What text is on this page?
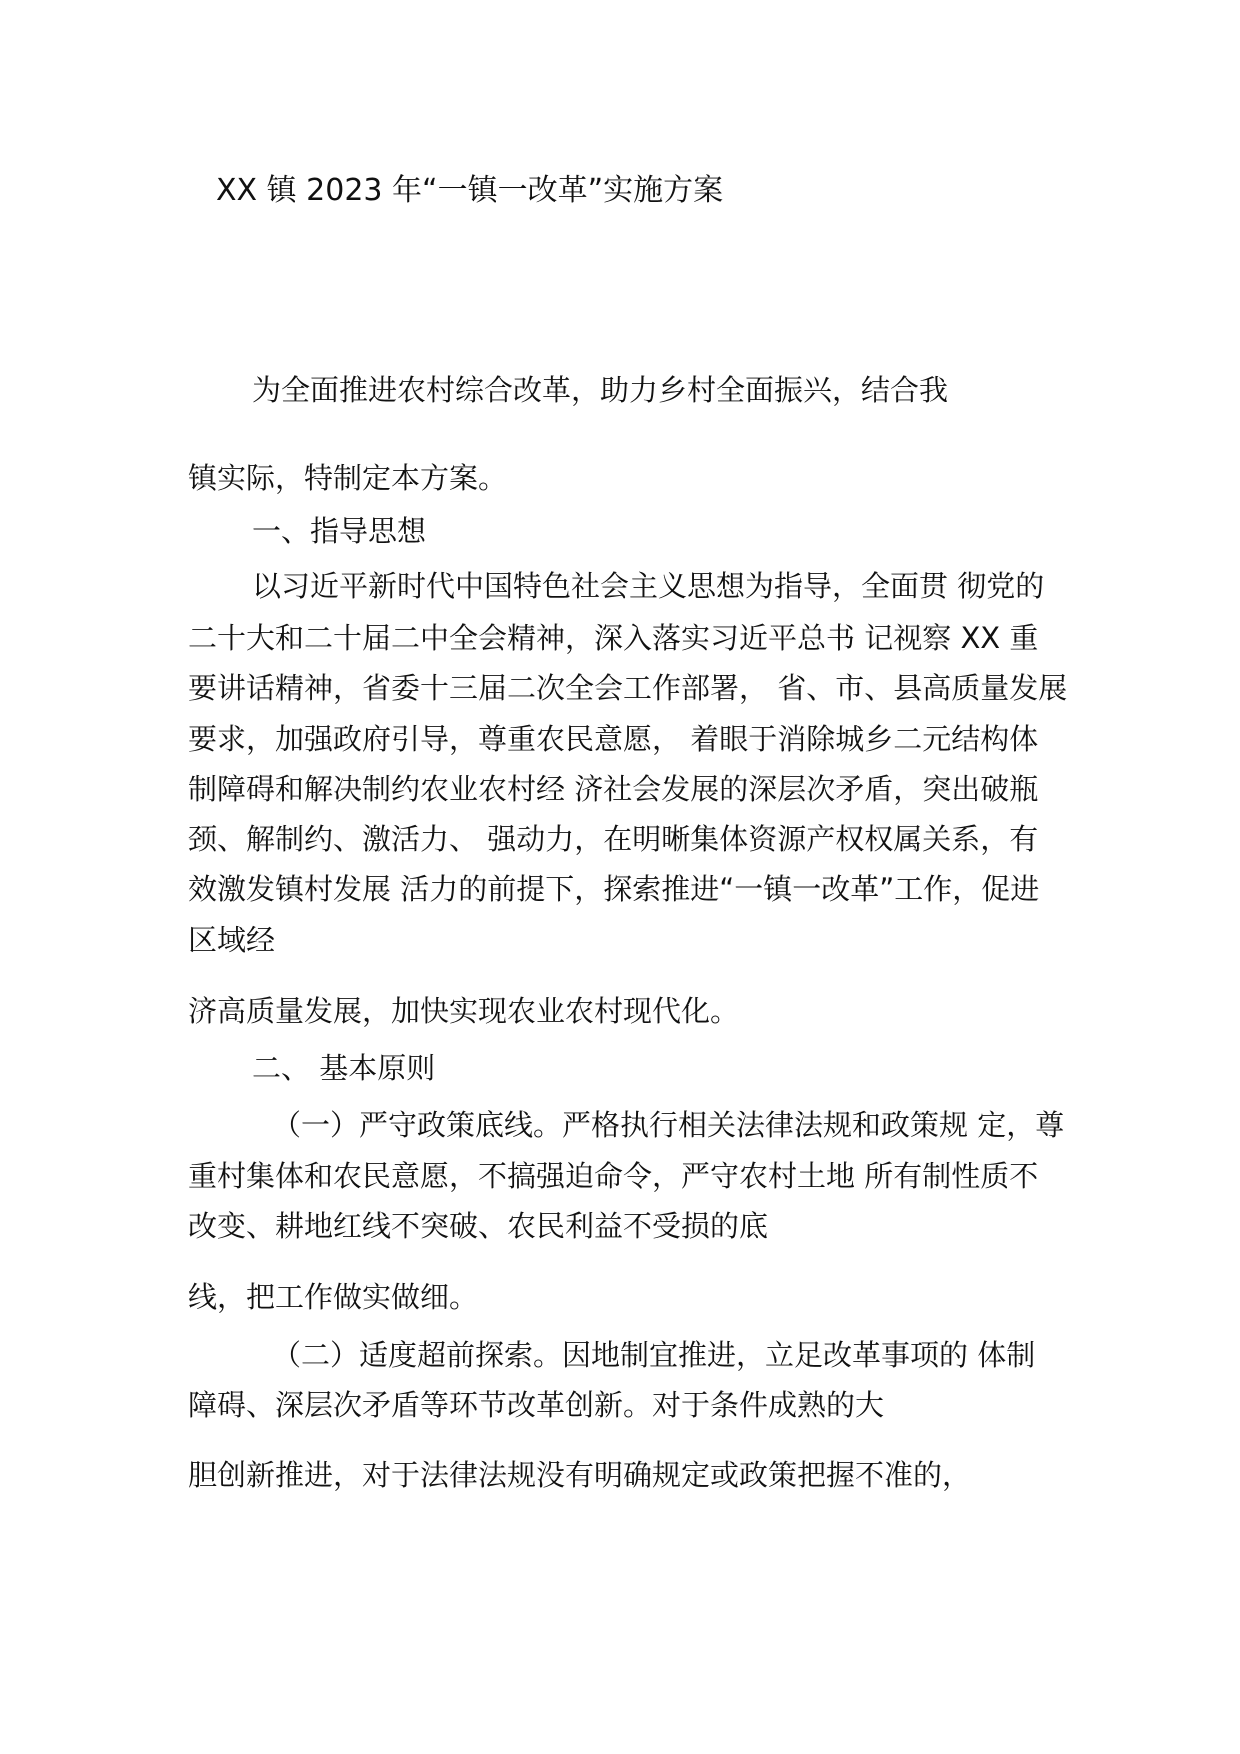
XX 镇 2023 年“一镇一改革”实施方案
为全面推进农村综合改革，助力乡村全面振兴，结合我
镇实际，特制定本方案。
一、指导思想
以习近平新时代中国特色社会主义思想为指导，全面贯 彻党的
二十大和二十届二中全会精神，深入落实习近平总书 记视察 XX 重
要讲话精神，省委十三届二次全会工作部署， 省、市、县高质量发展
要求，加强政府引导，尊重农民意愿， 着眼于消除城乡二元结构体
制障碍和解决制约农业农村经 济社会发展的深层次矛盾，突出破瓶
颈、解制约、激活力、 强动力，在明晰集体资源产权权属关系，有
效激发镇村发展 活力的前提下，探索推进“一镇一改革”工作，促进
区域经
济高质量发展，加快实现农业农村现代化。
二、 基本原则
（一）严守政策底线。严格执行相关法律法规和政策规 定，尊
重村集体和农民意愿，不搞强迫命令，严守农村土地 所有制性质不
改变、耕地红线不突破、农民利益不受损的底
线，把工作做实做细。
（二）适度超前探索。因地制宜推进，立足改革事项的 体制
障碍、深层次矛盾等环节改革创新。对于条件成熟的大
胆创新推进，对于法律法规没有明确规定或政策把握不准的，
